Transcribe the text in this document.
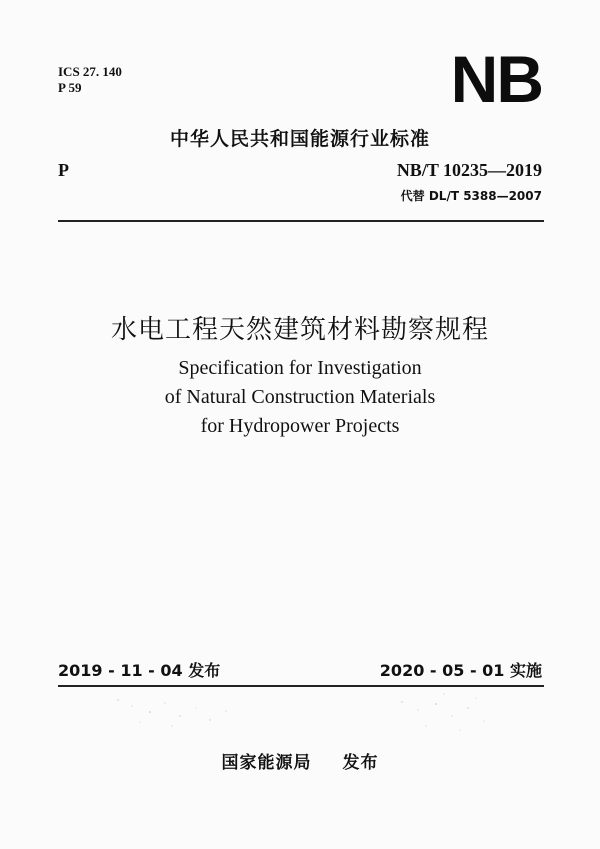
ICS 27. 140
P 59	NB
中华人民共和国能源行业标准
P	NB/T 10235—2019
代替 DL/T 5388—2007
水电工程天然建筑材料勘察规程
Specification for Investigation
of Natural Construction Materials
for Hydropower Projects
2019 - 11 - 04 发布	2020 - 05 - 01 实施
国家能源局 发布
